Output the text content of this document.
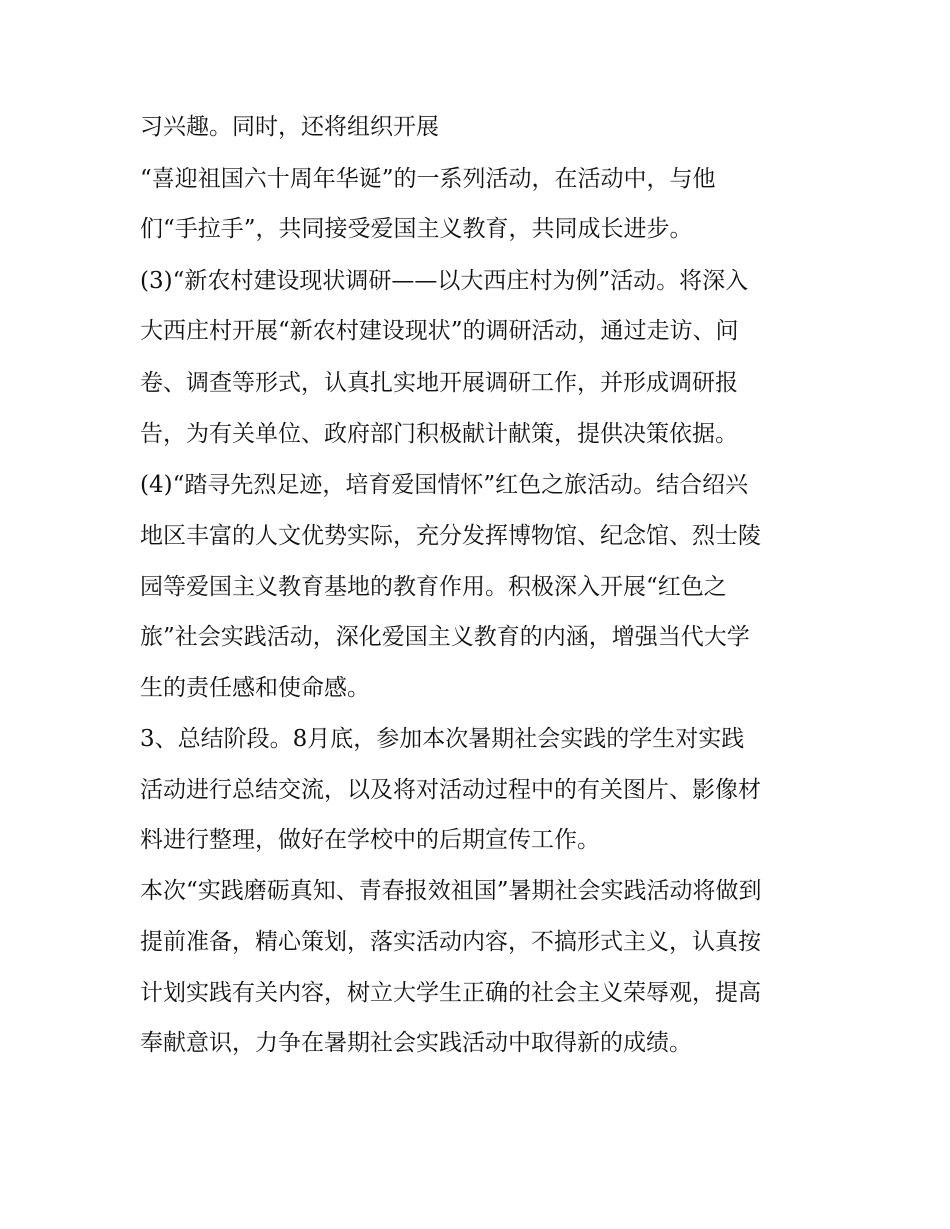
习兴趣。同时，还将组织开展
“喜迎祖国六十周年华诞”的一系列活动，在活动中，与他
们“手拉手”，共同接受爱国主义教育，共同成长进步。
(3)“新农村建设现状调研——以大西庄村为例”活动。将深入
大西庄村开展“新农村建设现状”的调研活动，通过走访、问
卷、调查等形式，认真扎实地开展调研工作，并形成调研报
告，为有关单位、政府部门积极献计献策，提供决策依据。
(4)“踏寻先烈足迹，培育爱国情怀”红色之旅活动。结合绍兴
地区丰富的人文优势实际，充分发挥博物馆、纪念馆、烈士陵
园等爱国主义教育基地的教育作用。积极深入开展“红色之
旅”社会实践活动，深化爱国主义教育的内涵，增强当代大学
生的责任感和使命感。
3、总结阶段。8月底，参加本次暑期社会实践的学生对实践
活动进行总结交流，以及将对活动过程中的有关图片、影像材
料进行整理，做好在学校中的后期宣传工作。
本次“实践磨砺真知、青春报效祖国”暑期社会实践活动将做到
提前准备，精心策划，落实活动内容，不搞形式主义，认真按
计划实践有关内容，树立大学生正确的社会主义荣辱观，提高
奉献意识，力争在暑期社会实践活动中取得新的成绩。
